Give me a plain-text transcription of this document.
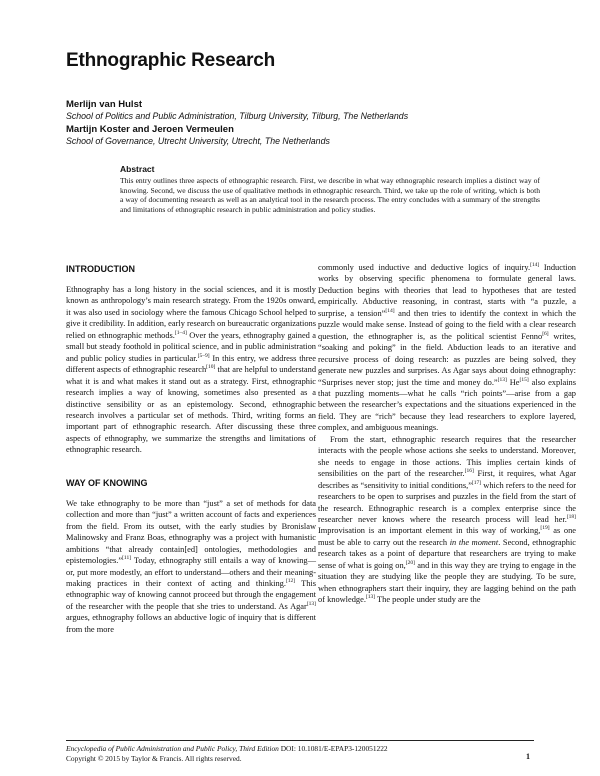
Ethnographic Research
Merlijn van Hulst
School of Politics and Public Administration, Tilburg University, Tilburg, The Netherlands
Martijn Koster and Jeroen Vermeulen
School of Governance, Utrecht University, Utrecht, The Netherlands

Abstract

This entry outlines three aspects of ethnographic research. First, we describe in what way ethnographic research implies a distinct way of knowing. Second, we discuss the use of qualitative methods in ethnographic research. Third, we take up the role of writing, which is both a way of documenting research as well as an analytical tool in the research process. The entry concludes with a summary of the strengths and limitations of ethnographic research in public administration and policy studies.

INTRODUCTION

Ethnography has a long history in the social sciences, and it is mostly known as anthropology’s main research strategy. From the 1920s onward, it was also used in sociology where the famous Chicago School helped to give it credibility. In addition, early research on bureaucratic organizations relied on ethnographic methods.[1–4] Over the years, ethnography gained a small but steady foothold in political science, and in public administration and public policy studies in particular.[5–9] In this entry, we address three different aspects of ethnographic research[10] that are helpful to understand what it is and what makes it stand out as a strategy. First, ethnographic research implies a way of knowing, sometimes also presented as a distinctive sensibility or as an epistemology. Second, ethnographic research involves a particular set of methods. Third, writing forms an important part of ethnographic research. After discussing these three aspects of ethnography, we summarize the strengths and limitations of ethnographic research.

WAY OF KNOWING

We take ethnography to be more than “just” a set of methods for data collection and more than “just” a written account of facts and experiences from the field. From its outset, with the early studies by Bronislaw Malinowsky and Franz Boas, ethnography was a project with humanistic ambitions “that already contain[ed] ontologies, methodologies and epistemologies.”[11] Today, ethnography still entails a way of knowing—or, put more modestly, an effort to understand—others and their meaning-making practices in their context of acting and thinking.[12] This ethnographic way of knowing cannot proceed but through the engagement of the researcher with the people that she tries to understand. As Agar[13] argues, ethnography follows an abductive logic of inquiry that is different from the more

commonly used inductive and deductive logics of inquiry.[14] Induction works by observing specific phenomena to formulate general laws. Deduction begins with theories that lead to hypotheses that are tested empirically. Abductive reasoning, in contrast, starts with “a puzzle, a surprise, a tension”[14] and then tries to identify the context in which the puzzle would make sense. Instead of going to the field with a clear research question, the ethnographer is, as the political scientist Fenno[6] writes, “soaking and poking” in the field. Abduction leads to an iterative and recursive process of doing research: as puzzles are being solved, they generate new puzzles and surprises. As Agar says about doing ethnography: “Surprises never stop; just the time and money do.”[13] He[15] also explains that puzzling moments—what he calls “rich points”—arise from a gap between the researcher’s expectations and the situations experienced in the field. They are “rich” because they lead researchers to explore layered, complex, and ambiguous meanings.

From the start, ethnographic research requires that the researcher interacts with the people whose actions she seeks to understand. Moreover, she needs to engage in those actions. This implies certain kinds of sensibilities on the part of the researcher.[16] First, it requires, what Agar describes as “sensitivity to initial conditions,”[17] which refers to the need for researchers to be open to surprises and puzzles in the field from the start of the research. Ethnographic research is a complex enterprise since the researcher never knows where the research process will lead her.[18] Improvisation is an important element in this way of working,[19] as one must be able to carry out the research in the moment. Second, ethnographic research takes as a point of departure that researchers are trying to make sense of what is going on,[20] and in this way they are trying to engage in the situation they are studying like the people they are studying. To be sure, when ethnographers start their inquiry, they are lagging behind on the path of knowledge.[13] The people under study are the

Encyclopedia of Public Administration and Public Policy, Third Edition DOI: 10.1081/E-EPAP3-120051222
Copyright © 2015 by Taylor & Francis. All rights reserved.	1
